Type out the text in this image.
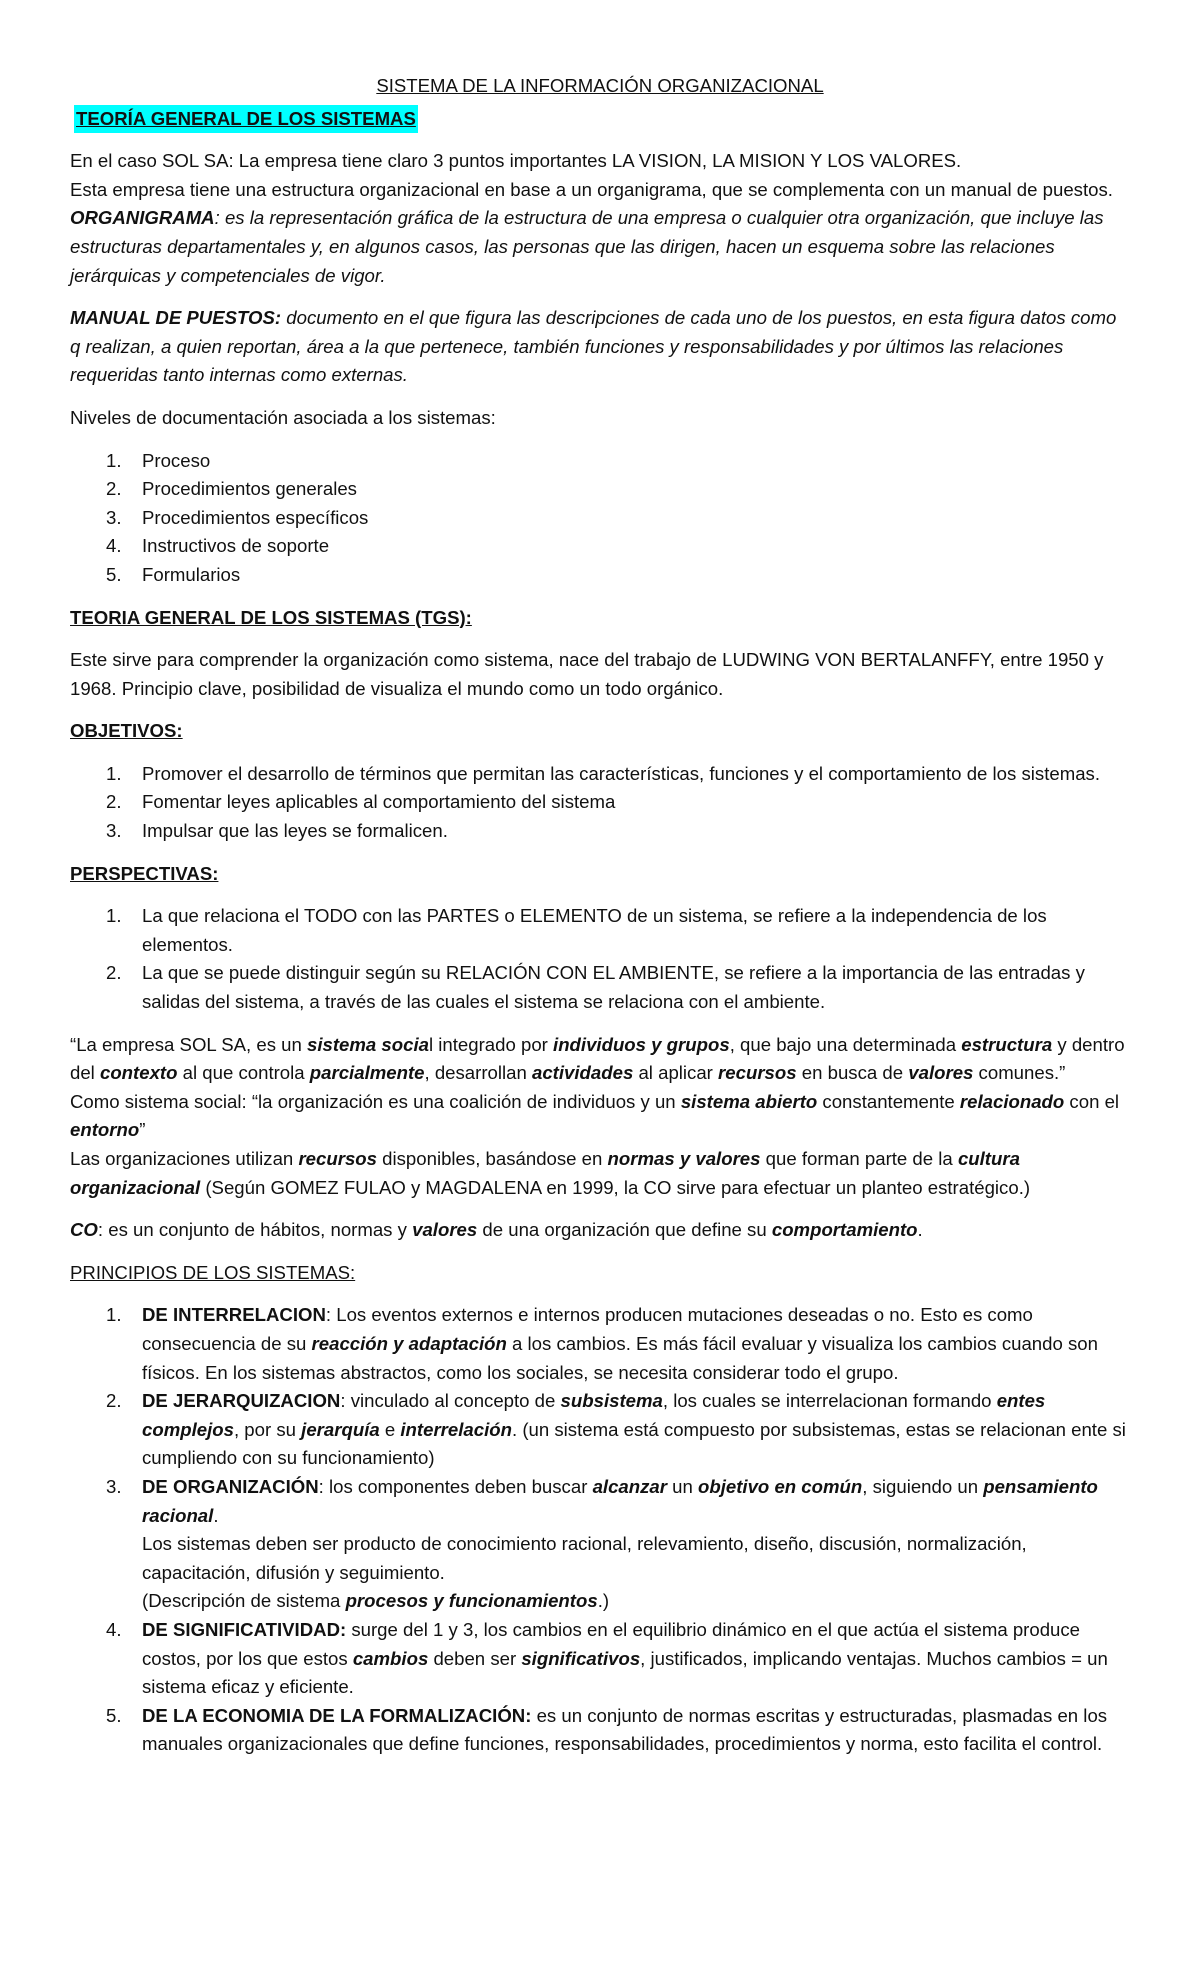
SISTEMA DE LA INFORMACIÓN ORGANIZACIONAL

TEORÍA GENERAL DE LOS SISTEMAS

En el caso SOL SA: La empresa tiene claro 3 puntos importantes LA VISION, LA MISION Y LOS VALORES.

Esta empresa tiene una estructura organizacional en base a un organigrama, que se complementa con un manual de puestos.

ORGANIGRAMA: es la representación gráfica de la estructura de una empresa o cualquier otra organización, que incluye las estructuras departamentales y, en algunos casos, las personas que las dirigen, hacen un esquema sobre las relaciones jerárquicas y competenciales de vigor.

MANUAL DE PUESTOS: documento en el que figura las descripciones de cada uno de los puestos, en esta figura datos como q realizan, a quien reportan, área a la que pertenece, también funciones y responsabilidades y por últimos las relaciones requeridas tanto internas como externas.

Niveles de documentación asociada a los sistemas:

1. Proceso
2. Procedimientos generales
3. Procedimientos específicos
4. Instructivos de soporte
5. Formularios

TEORIA GENERAL DE LOS SISTEMAS (TGS):

Este sirve para comprender la organización como sistema, nace del trabajo de LUDWING VON BERTALANFFY, entre 1950 y 1968. Principio clave, posibilidad de visualiza el mundo como un todo orgánico.

OBJETIVOS:

1. Promover el desarrollo de términos que permitan las características, funciones y el comportamiento de los sistemas.
2. Fomentar leyes aplicables al comportamiento del sistema
3. Impulsar que las leyes se formalicen.

PERSPECTIVAS:

1. La que relaciona el TODO con las PARTES o ELEMENTO de un sistema, se refiere a la independencia de los elementos.
2. La que se puede distinguir según su RELACIÓN CON EL AMBIENTE, se refiere a la importancia de las entradas y salidas del sistema, a través de las cuales el sistema se relaciona con el ambiente.

“La empresa SOL SA, es un sistema social integrado por individuos y grupos, que bajo una determinada estructura y dentro del contexto al que controla parcialmente, desarrollan actividades al aplicar recursos en busca de valores comunes.”

Como sistema social: “la organización es una coalición de individuos y un sistema abierto constantemente relacionado con el entorno”

Las organizaciones utilizan recursos disponibles, basándose en normas y valores que forman parte de la cultura organizacional (Según GOMEZ FULAO y MAGDALENA en 1999, la CO sirve para efectuar un planteo estratégico.)

CO: es un conjunto de hábitos, normas y valores de una organización que define su comportamiento.

PRINCIPIOS DE LOS SISTEMAS:

1. DE INTERRELACION: Los eventos externos e internos producen mutaciones deseadas o no. Esto es como consecuencia de su reacción y adaptación a los cambios. Es más fácil evaluar y visualiza los cambios cuando son físicos. En los sistemas abstractos, como los sociales, se necesita considerar todo el grupo.
2. DE JERARQUIZACION: vinculado al concepto de subsistema, los cuales se interrelacionan formando entes complejos, por su jerarquía e interrelación. (un sistema está compuesto por subsistemas, estas se relacionan ente si cumpliendo con su funcionamiento)
3. DE ORGANIZACIÓN: los componentes deben buscar alcanzar un objetivo en común, siguiendo un pensamiento racional.
Los sistemas deben ser producto de conocimiento racional, relevamiento, diseño, discusión, normalización, capacitación, difusión y seguimiento.
(Descripción de sistema procesos y funcionamientos.)
4. DE SIGNIFICATIVIDAD: surge del 1 y 3, los cambios en el equilibrio dinámico en el que actúa el sistema produce costos, por los que estos cambios deben ser significativos, justificados, implicando ventajas. Muchos cambios = un sistema eficaz y eficiente.
5. DE LA ECONOMIA DE LA FORMALIZACIÓN: es un conjunto de normas escritas y estructuradas, plasmadas en los manuales organizacionales que define funciones, responsabilidades, procedimientos y norma, esto facilita el control.
